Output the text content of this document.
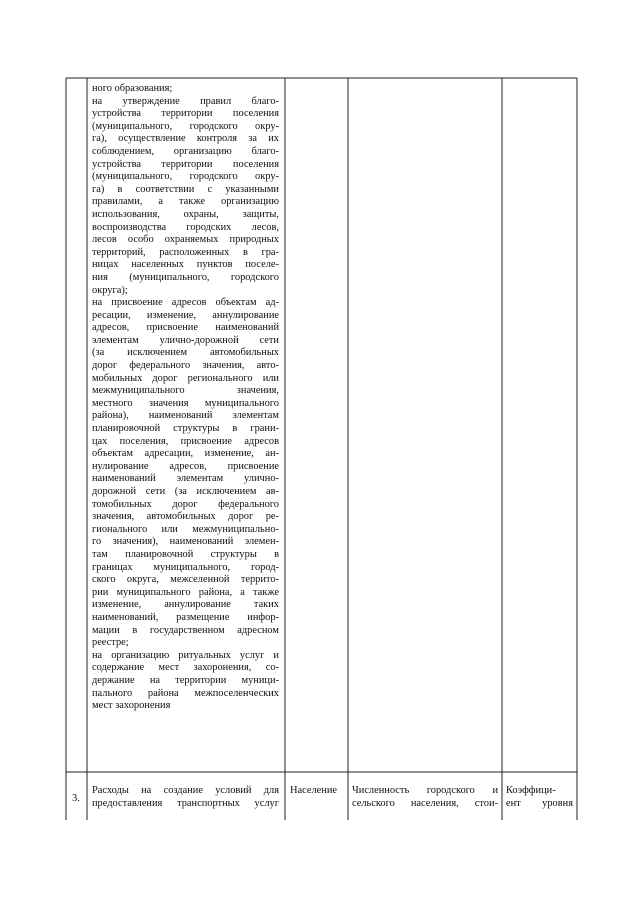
ного образования;
на утверждение правил благо-
устройства территории поселения
(муниципального, городского окру-
га), осуществление контроля за их
соблюдением, организацию благо-
устройства территории поселения
(муниципального, городского окру-
га) в соответствии с указанными
правилами, а также организацию
использования, охраны, защиты,
воспроизводства городских лесов,
лесов особо охраняемых природных
территорий, расположенных в гра-
ницах населенных пунктов поселе-
ния (муниципального, городского
округа);
на присвоение адресов объектам ад-
ресации, изменение, аннулирование
адресов, присвоение наименований
элементам улично-дорожной сети
(за исключением автомобильных
дорог федерального значения, авто-
мобильных дорог регионального или
межмуниципального значения,
местного значения муниципального
района), наименований элементам
планировочной структуры в грани-
цах поселения, присвоение адресов
объектам адресации, изменение, ан-
нулирование адресов, присвоение
наименований элементам улично-
дорожной сети (за исключением ав-
томобильных дорог федерального
значения, автомобильных дорог ре-
гионального или межмуниципально-
го значения), наименований элемен-
там планировочной структуры в
границах муниципального, город-
ского округа, межселенной террито-
рии муниципального района, а также
изменение, аннулирование таких
наименований, размещение инфор-
мации в государственном адресном
реестре;
на организацию ритуальных услуг и
содержание мест захоронения, со-
держание на территории муници-
пального района межпоселенческих
мест захоронения
3.
Расходы на создание условий для
предоставления транспортных услуг
Население	Численность городского и
сельского населения, стои-
Коэффици-
ент уровня
